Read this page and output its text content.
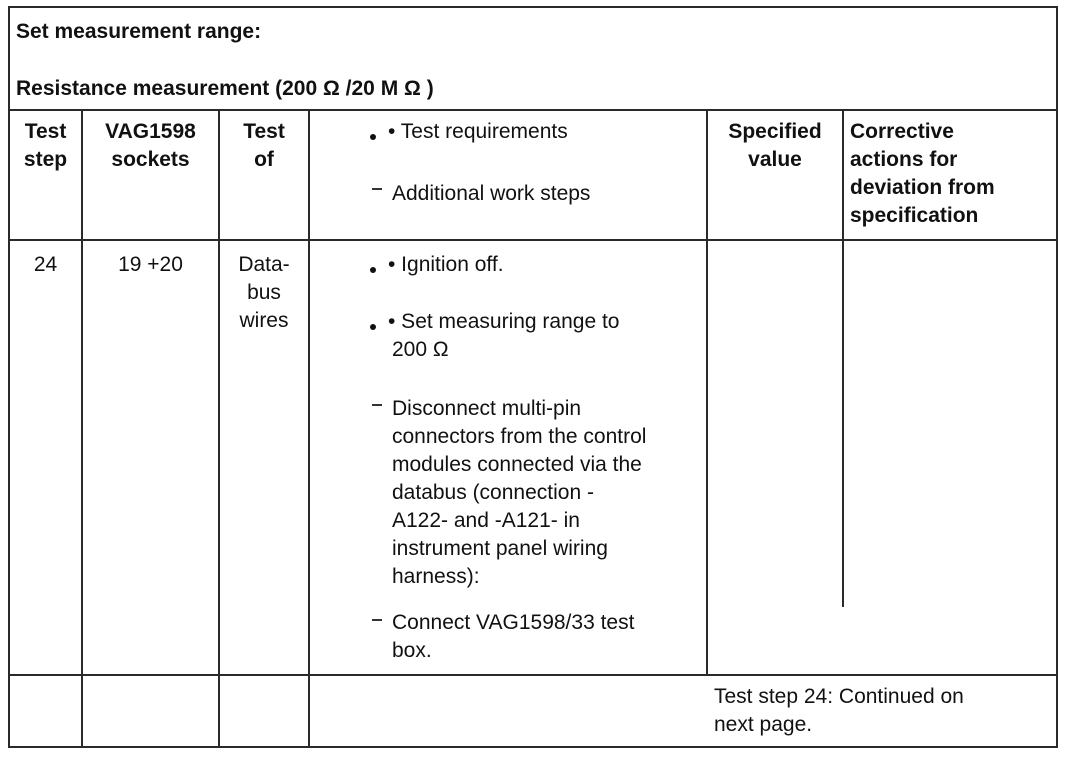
Set measurement range:
Resistance measurement (200 Ω /20 M Ω )
Test
step
VAG1598
sockets
Test
of
• Test requirements
Additional work steps
Specified
value
Corrective
actions for
deviation from
specification
24	19 +20	Data-
bus
wires
• Ignition off.
• Set measuring range to
200 Ω
Disconnect multi-pin
connectors from the control
modules connected via the
databus (connection -
A122- and -A121- in
instrument panel wiring
harness):
Connect VAG1598/33 test
box.
Test step 24: Continued on
next page.
